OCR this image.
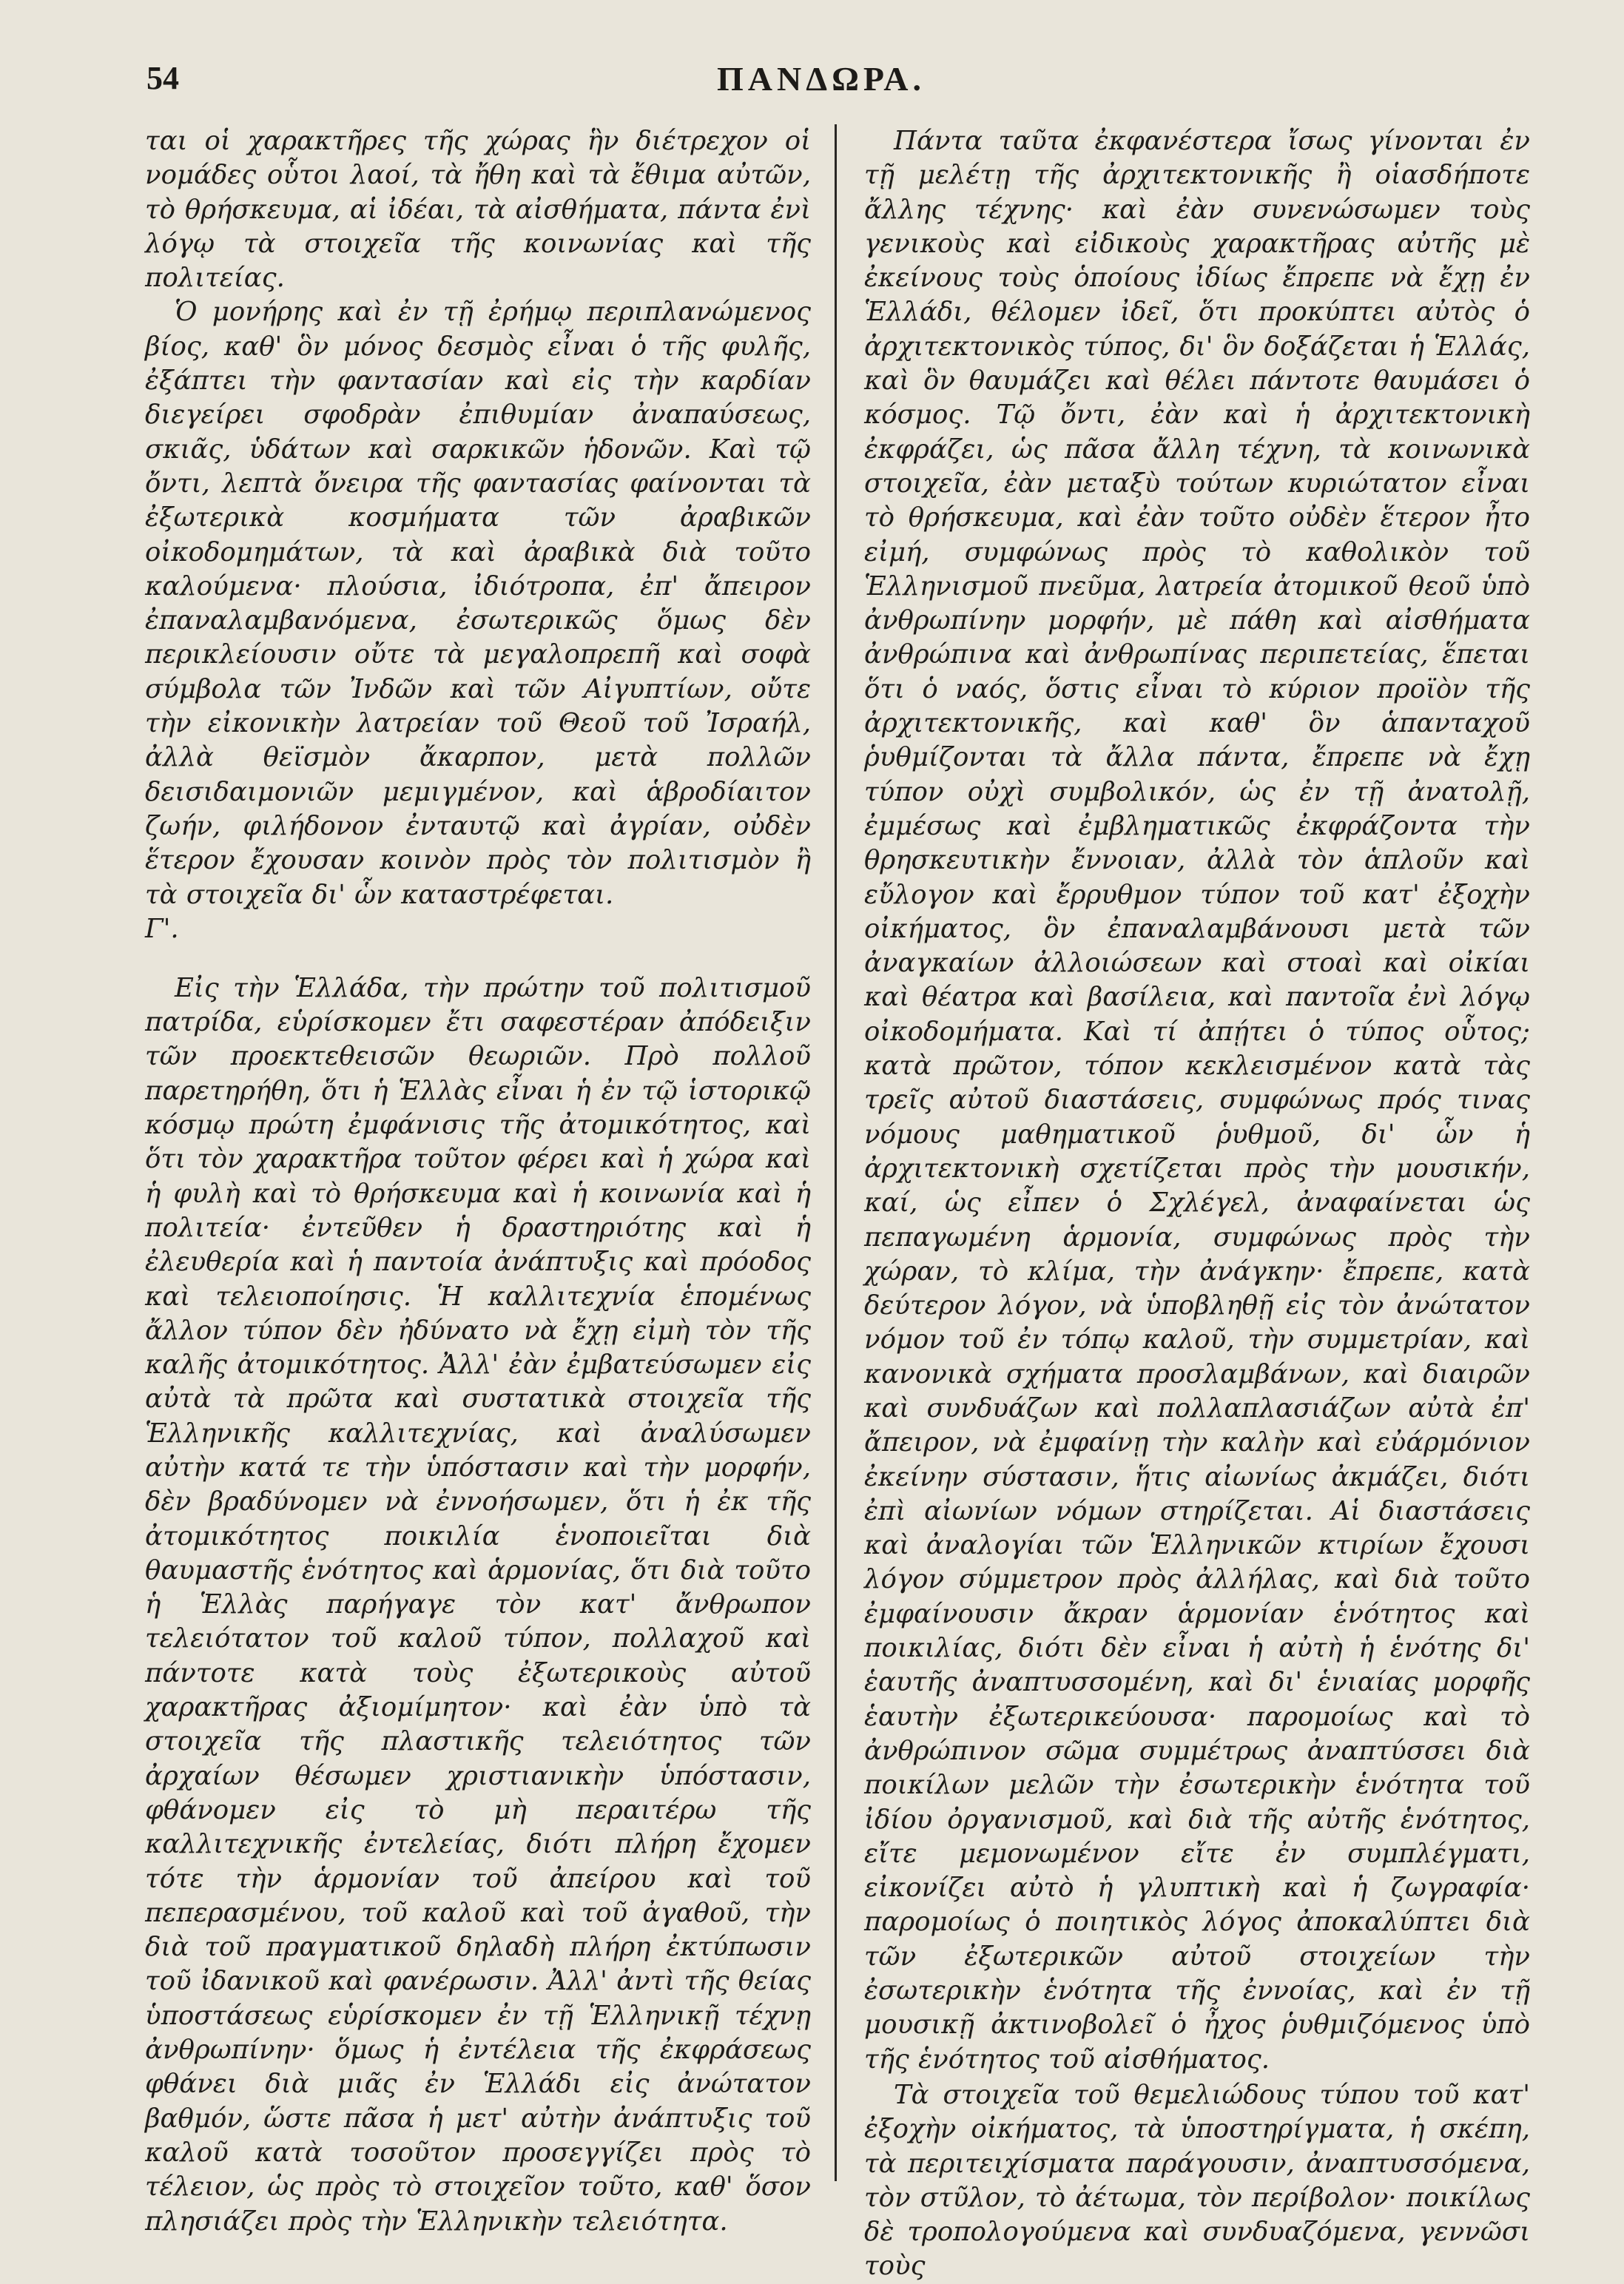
54	ΠΑΝΔΩΡΑ.

ται οἱ χαρακτῆρες τῆς χώρας ἣν διέτρεχον οἱ νομάδες οὗτοι λαοί, τὰ ἤθη καὶ τὰ ἔθιμα αὐτῶν, τὸ θρήσκευμα, αἱ ἰδέαι, τὰ αἰσθήματα, πάντα ἐνὶ λόγῳ τὰ στοιχεῖα τῆς κοινωνίας καὶ τῆς πολιτείας.

Ὁ μονήρης καὶ ἐν τῇ ἐρήμῳ περιπλανώμενος βίος, καθ' ὃν μόνος δεσμὸς εἶναι ὁ τῆς φυλῆς, ἐξάπτει τὴν φαντασίαν καὶ εἰς τὴν καρδίαν διεγείρει σφοδρὰν ἐπιθυμίαν ἀναπαύσεως, σκιᾶς, ὑδάτων καὶ σαρκικῶν ἡδονῶν. Καὶ τῷ ὄντι, λεπτὰ ὄνειρα τῆς φαντασίας φαίνονται τὰ ἐξωτερικὰ κοσμήματα τῶν ἀραβικῶν οἰκοδομημάτων, τὰ καὶ ἀραβικὰ διὰ τοῦτο καλούμενα· πλούσια, ἰδιότροπα, ἐπ' ἄπειρον ἐπαναλαμβανόμενα, ἐσωτερικῶς ὅμως δὲν περικλείουσιν οὔτε τὰ μεγαλοπρεπῆ καὶ σοφὰ σύμβολα τῶν Ἰνδῶν καὶ τῶν Αἰγυπτίων, οὔτε τὴν εἰκονικὴν λατρείαν τοῦ Θεοῦ τοῦ Ἰσραήλ, ἀλλὰ θεϊσμὸν ἄκαρπον, μετὰ πολλῶν δεισιδαιμονιῶν μεμιγμένον, καὶ ἁβροδίαιτον ζωήν, φιλήδονον ἐνταυτῷ καὶ ἀγρίαν, οὐδὲν ἕτερον ἔχουσαν κοινὸν πρὸς τὸν πολιτισμὸν ἢ τὰ στοιχεῖα δι' ὧν καταστρέφεται.

Γ'.

Εἰς τὴν Ἑλλάδα, τὴν πρώτην τοῦ πολιτισμοῦ πατρίδα, εὑρίσκομεν ἔτι σαφεστέραν ἀπόδειξιν τῶν προεκτεθεισῶν θεωριῶν. Πρὸ πολλοῦ παρετηρήθη, ὅτι ἡ Ἑλλὰς εἶναι ἡ ἐν τῷ ἱστορικῷ κόσμῳ πρώτη ἐμφάνισις τῆς ἀτομικότητος, καὶ ὅτι τὸν χαρακτῆρα τοῦτον φέρει καὶ ἡ χώρα καὶ ἡ φυλὴ καὶ τὸ θρήσκευμα καὶ ἡ κοινωνία καὶ ἡ πολιτεία· ἐντεῦθεν ἡ δραστηριότης καὶ ἡ ἐλευθερία καὶ ἡ παντοία ἀνάπτυξις καὶ πρόοδος καὶ τελειοποίησις. Ἡ καλλιτεχνία ἑπομένως ἄλλον τύπον δὲν ἠδύνατο νὰ ἔχῃ εἰμὴ τὸν τῆς καλῆς ἀτομικότητος. Ἀλλ' ἐὰν ἐμβατεύσωμεν εἰς αὐτὰ τὰ πρῶτα καὶ συστατικὰ στοιχεῖα τῆς Ἑλληνικῆς καλλιτεχνίας, καὶ ἀναλύσωμεν αὐτὴν κατά τε τὴν ὑπόστασιν καὶ τὴν μορφήν, δὲν βραδύνομεν νὰ ἐννοήσωμεν, ὅτι ἡ ἐκ τῆς ἀτομικότητος ποικιλία ἑνοποιεῖται διὰ θαυμαστῆς ἑνότητος καὶ ἁρμονίας, ὅτι διὰ τοῦτο ἡ Ἑλλὰς παρήγαγε τὸν κατ' ἄνθρωπον τελειότατον τοῦ καλοῦ τύπον, πολλαχοῦ καὶ πάντοτε κατὰ τοὺς ἐξωτερικοὺς αὐτοῦ χαρακτῆρας ἀξιομίμητον· καὶ ἐὰν ὑπὸ τὰ στοιχεῖα τῆς πλαστικῆς τελειότητος τῶν ἀρχαίων θέσωμεν χριστιανικὴν ὑπόστασιν, φθάνομεν εἰς τὸ μὴ περαιτέρω τῆς καλλιτεχνικῆς ἐντελείας, διότι πλήρη ἔχομεν τότε τὴν ἁρμονίαν τοῦ ἀπείρου καὶ τοῦ πεπερασμένου, τοῦ καλοῦ καὶ τοῦ ἀγαθοῦ, τὴν διὰ τοῦ πραγματικοῦ δηλαδὴ πλήρη ἐκτύπωσιν τοῦ ἰδανικοῦ καὶ φανέρωσιν. Ἀλλ' ἀντὶ τῆς θείας ὑποστάσεως εὑρίσκομεν ἐν τῇ Ἑλληνικῇ τέχνῃ ἀνθρωπίνην· ὅμως ἡ ἐντέλεια τῆς ἐκφράσεως φθάνει διὰ μιᾶς ἐν Ἑλλάδι εἰς ἀνώτατον βαθμόν, ὥστε πᾶσα ἡ μετ' αὐτὴν ἀνάπτυξις τοῦ καλοῦ κατὰ τοσοῦτον προσεγγίζει πρὸς τὸ τέλειον, ὡς πρὸς τὸ στοιχεῖον τοῦτο, καθ' ὅσον πλησιάζει πρὸς τὴν Ἑλληνικὴν τελειότητα.

Πάντα ταῦτα ἐκφανέστερα ἴσως γίνονται ἐν τῇ μελέτῃ τῆς ἀρχιτεκτονικῆς ἢ οἱασδήποτε ἄλλης τέχνης· καὶ ἐὰν συνενώσωμεν τοὺς γενικοὺς καὶ εἰδικοὺς χαρακτῆρας αὐτῆς μὲ ἐκείνους τοὺς ὁποίους ἰδίως ἔπρεπε νὰ ἔχῃ ἐν Ἑλλάδι, θέλομεν ἰδεῖ, ὅτι προκύπτει αὐτὸς ὁ ἀρχιτεκτονικὸς τύπος, δι' ὃν δοξάζεται ἡ Ἑλλάς, καὶ ὃν θαυμάζει καὶ θέλει πάντοτε θαυμάσει ὁ κόσμος. Τῷ ὄντι, ἐὰν καὶ ἡ ἀρχιτεκτονικὴ ἐκφράζει, ὡς πᾶσα ἄλλη τέχνη, τὰ κοινωνικὰ στοιχεῖα, ἐὰν μεταξὺ τούτων κυριώτατον εἶναι τὸ θρήσκευμα, καὶ ἐὰν τοῦτο οὐδὲν ἕτερον ἦτο εἰμή, συμφώνως πρὸς τὸ καθολικὸν τοῦ Ἑλληνισμοῦ πνεῦμα, λατρεία ἀτομικοῦ θεοῦ ὑπὸ ἀνθρωπίνην μορφήν, μὲ πάθη καὶ αἰσθήματα ἀνθρώπινα καὶ ἀνθρωπίνας περιπετείας, ἕπεται ὅτι ὁ ναός, ὅστις εἶναι τὸ κύριον προϊὸν τῆς ἀρχιτεκτονικῆς, καὶ καθ' ὃν ἁπανταχοῦ ῥυθμίζονται τὰ ἄλλα πάντα, ἔπρεπε νὰ ἔχῃ τύπον οὐχὶ συμβολικόν, ὡς ἐν τῇ ἀνατολῇ, ἐμμέσως καὶ ἐμβληματικῶς ἐκφράζοντα τὴν θρησκευτικὴν ἔννοιαν, ἀλλὰ τὸν ἁπλοῦν καὶ εὔλογον καὶ ἔρρυθμον τύπον τοῦ κατ' ἐξοχὴν οἰκήματος, ὃν ἐπαναλαμβάνουσι μετὰ τῶν ἀναγκαίων ἀλλοιώσεων καὶ στοαὶ καὶ οἰκίαι καὶ θέατρα καὶ βασίλεια, καὶ παντοῖα ἐνὶ λόγῳ οἰκοδομήματα. Καὶ τί ἀπῄτει ὁ τύπος οὗτος; κατὰ πρῶτον, τόπον κεκλεισμένον κατὰ τὰς τρεῖς αὐτοῦ διαστάσεις, συμφώνως πρός τινας νόμους μαθηματικοῦ ῥυθμοῦ, δι' ὧν ἡ ἀρχιτεκτονικὴ σχετίζεται πρὸς τὴν μουσικήν, καί, ὡς εἶπεν ὁ Σχλέγελ, ἀναφαίνεται ὡς πεπαγωμένη ἁρμονία, συμφώνως πρὸς τὴν χώραν, τὸ κλίμα, τὴν ἀνάγκην· ἔπρεπε, κατὰ δεύτερον λόγον, νὰ ὑποβληθῇ εἰς τὸν ἀνώτατον νόμον τοῦ ἐν τόπῳ καλοῦ, τὴν συμμετρίαν, καὶ κανονικὰ σχήματα προσλαμβάνων, καὶ διαιρῶν καὶ συνδυάζων καὶ πολλαπλασιάζων αὐτὰ ἐπ' ἄπειρον, νὰ ἐμφαίνῃ τὴν καλὴν καὶ εὐάρμόνιον ἐκείνην σύστασιν, ἥτις αἰωνίως ἀκμάζει, διότι ἐπὶ αἰωνίων νόμων στηρίζεται. Αἱ διαστάσεις καὶ ἀναλογίαι τῶν Ἑλληνικῶν κτιρίων ἔχουσι λόγον σύμμετρον πρὸς ἀλλήλας, καὶ διὰ τοῦτο ἐμφαίνουσιν ἄκραν ἁρμονίαν ἑνότητος καὶ ποικιλίας, διότι δὲν εἶναι ἡ αὐτὴ ἡ ἑνότης δι' ἑαυτῆς ἀναπτυσσομένη, καὶ δι' ἑνιαίας μορφῆς ἑαυτὴν ἐξωτερικεύουσα· παρομοίως καὶ τὸ ἀνθρώπινον σῶμα συμμέτρως ἀναπτύσσει διὰ ποικίλων μελῶν τὴν ἐσωτερικὴν ἑνότητα τοῦ ἰδίου ὀργανισμοῦ, καὶ διὰ τῆς αὐτῆς ἑνότητος, εἴτε μεμονωμένον εἴτε ἐν συμπλέγματι, εἰκονίζει αὐτὸ ἡ γλυπτικὴ καὶ ἡ ζωγραφία· παρομοίως ὁ ποιητικὸς λόγος ἀποκαλύπτει διὰ τῶν ἐξωτερικῶν αὐτοῦ στοιχείων τὴν ἐσωτερικὴν ἑνότητα τῆς ἐννοίας, καὶ ἐν τῇ μουσικῇ ἀκτινοβολεῖ ὁ ἦχος ῥυθμιζόμενος ὑπὸ τῆς ἑνότητος τοῦ αἰσθήματος.

Τὰ στοιχεῖα τοῦ θεμελιώδους τύπου τοῦ κατ' ἐξοχὴν οἰκήματος, τὰ ὑποστηρίγματα, ἡ σκέπη, τὰ περιτειχίσματα παράγουσιν, ἀναπτυσσόμενα, τὸν στῦλον, τὸ ἀέτωμα, τὸν περίβολον· ποικίλως δὲ τροπολογούμενα καὶ συνδυαζόμενα, γεννῶσι τοὺς
